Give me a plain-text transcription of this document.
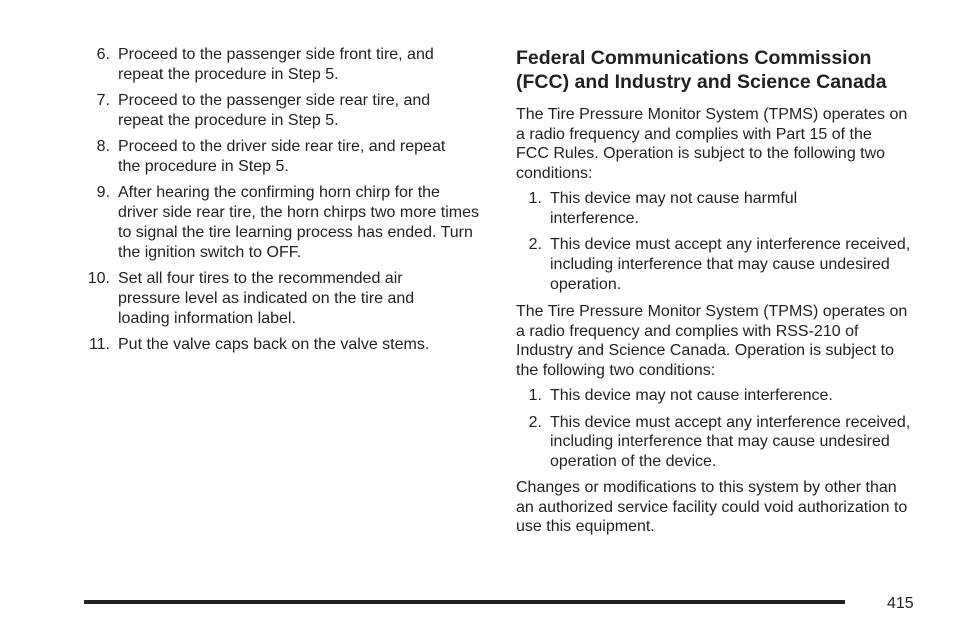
6. Proceed to the passenger side front tire, and repeat the procedure in Step 5.
7. Proceed to the passenger side rear tire, and repeat the procedure in Step 5.
8. Proceed to the driver side rear tire, and repeat the procedure in Step 5.
9. After hearing the confirming horn chirp for the driver side rear tire, the horn chirps two more times to signal the tire learning process has ended. Turn the ignition switch to OFF.
10. Set all four tires to the recommended air pressure level as indicated on the tire and loading information label.
11. Put the valve caps back on the valve stems.
Federal Communications Commission (FCC) and Industry and Science Canada

The Tire Pressure Monitor System (TPMS) operates on a radio frequency and complies with Part 15 of the FCC Rules. Operation is subject to the following two conditions:

1. This device may not cause harmful interference.
2. This device must accept any interference received, including interference that may cause undesired operation.

The Tire Pressure Monitor System (TPMS) operates on a radio frequency and complies with RSS-210 of Industry and Science Canada. Operation is subject to the following two conditions:

1. This device may not cause interference.
2. This device must accept any interference received, including interference that may cause undesired operation of the device.

Changes or modifications to this system by other than an authorized service facility could void authorization to use this equipment.

415
